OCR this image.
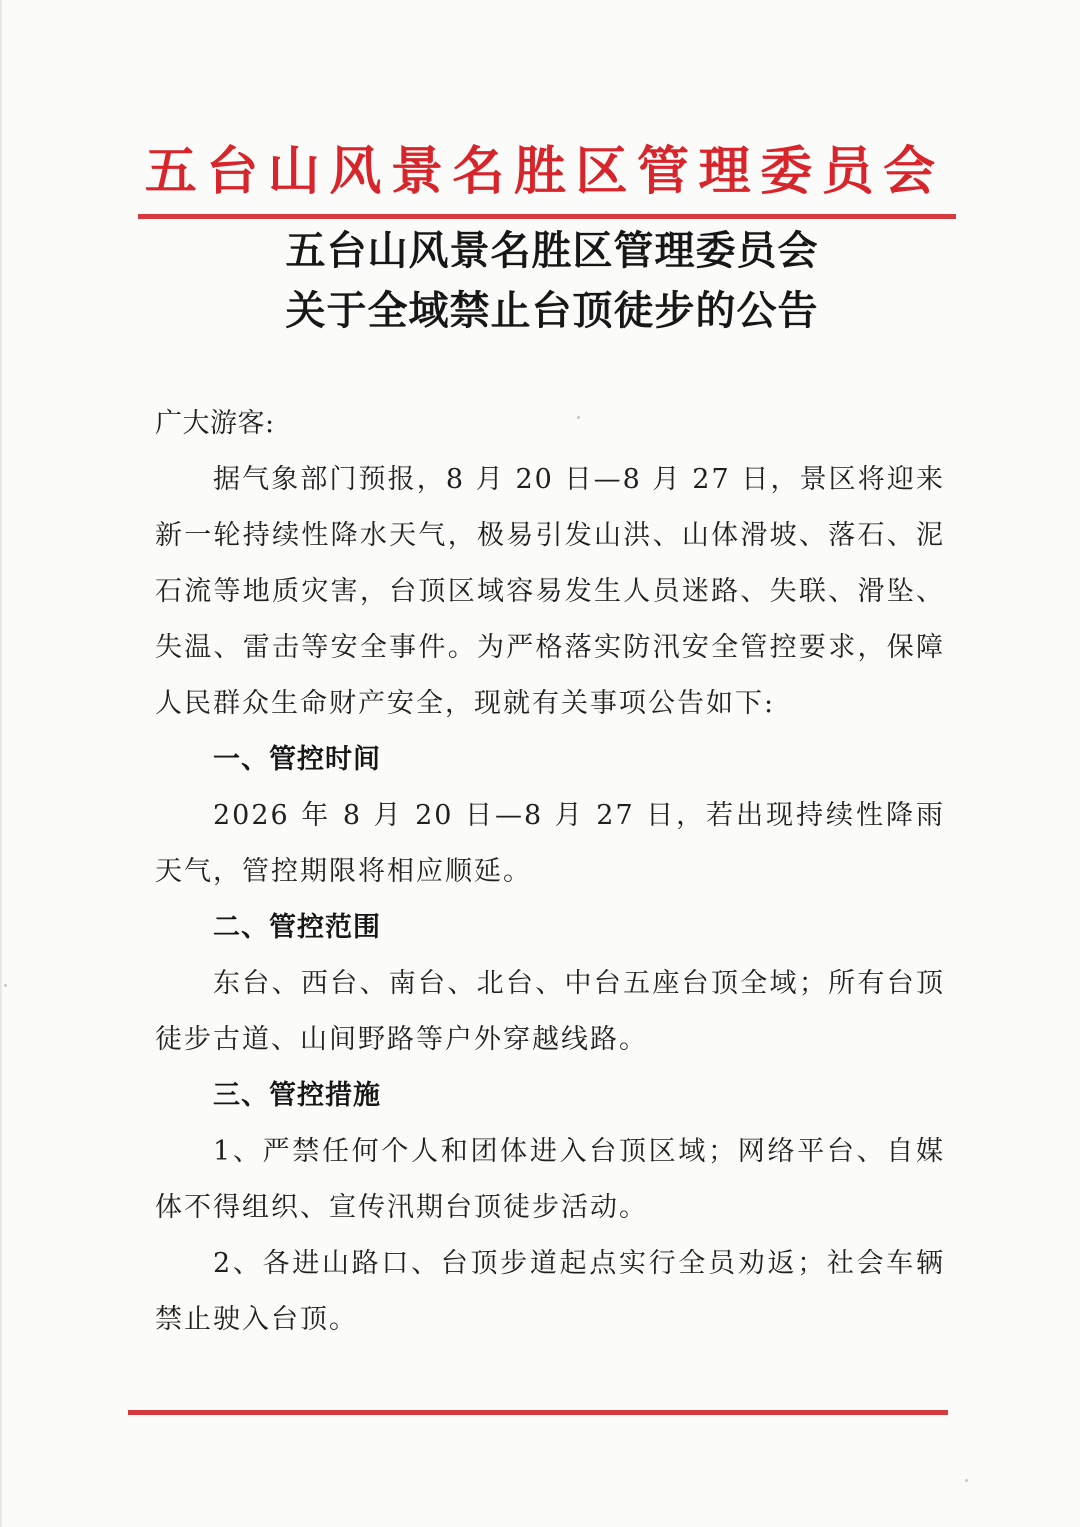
五 台 山 风 景 名 胜 区 管 理 委 员 会
五台山风景名胜区管理委员会
关于全域禁止台顶徒步的公告

广大游客:

据气象部门预报，8 月 20 日—8 月 27 日，景区将迎来新一轮持续性降水天气，极易引发山洪、山体滑坡、落石、泥石流等地质灾害，台顶区域容易发生人员迷路、失联、滑坠、失温、雷击等安全事件。为严格落实防汛安全管控要求，保障人民群众生命财产安全，现就有关事项公告如下:

一、管控时间

2026 年 8 月 20 日—8 月 27 日，若出现持续性降雨天气，管控期限将相应顺延。

二、管控范围

东台、西台、南台、北台、中台五座台顶全域；所有台顶徒步古道、山间野路等户外穿越线路。

三、管控措施

1、严禁任何个人和团体进入台顶区域；网络平台、自媒体不得组织、宣传汛期台顶徒步活动。

2、各进山路口、台顶步道起点实行全员劝返；社会车辆禁止驶入台顶。
